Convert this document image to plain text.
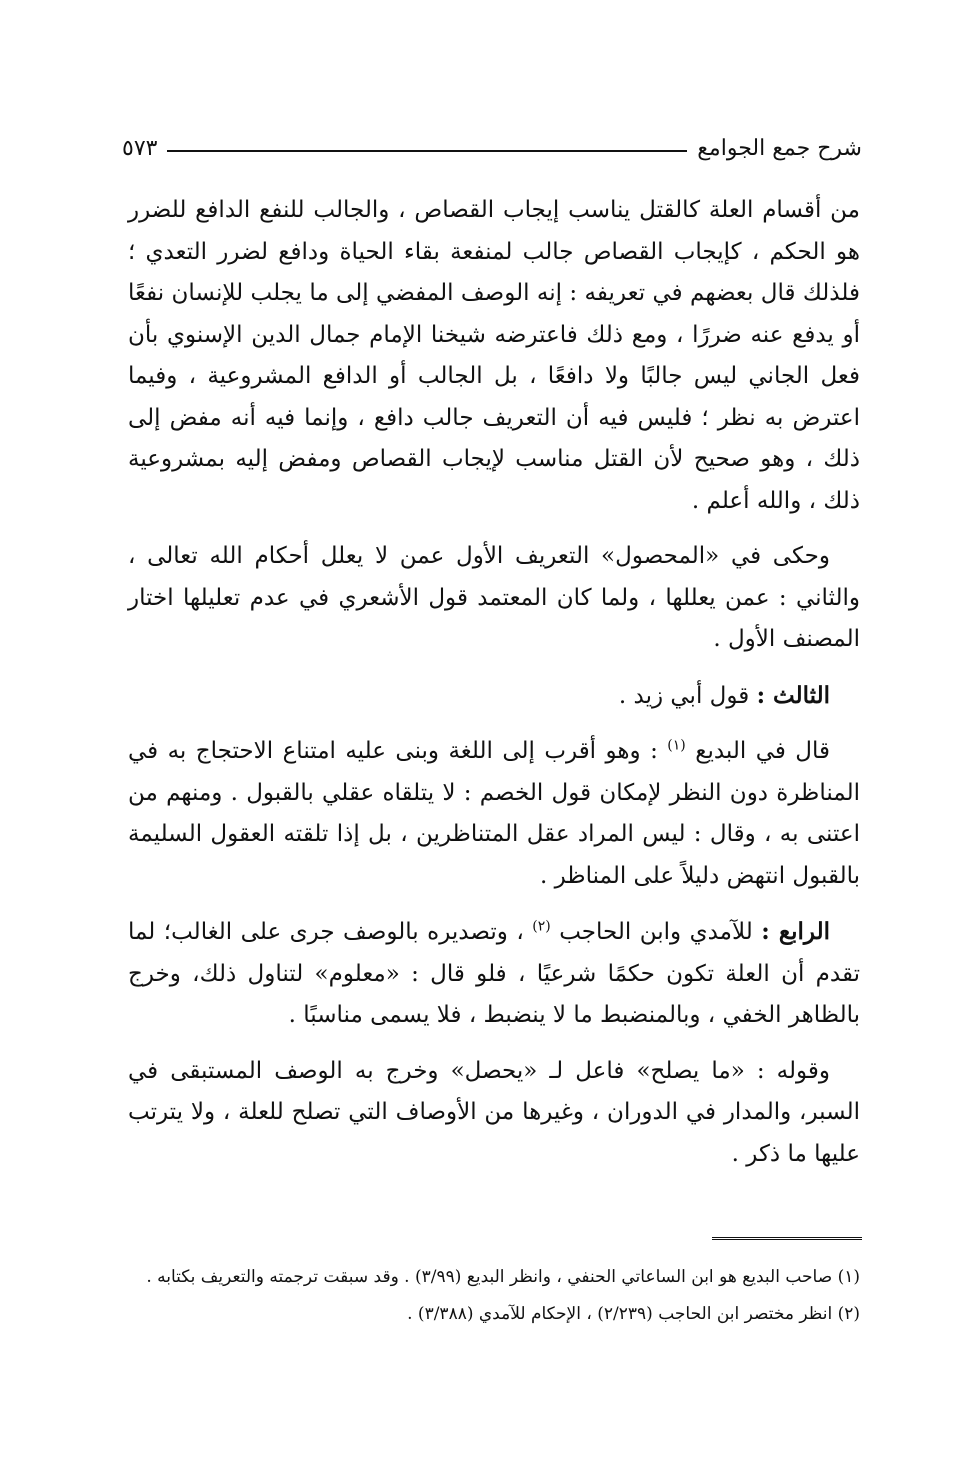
شرح جمع الجوامع
٥٧٣

من أقسام العلة كالقتل يناسب إيجاب القصاص ، والجالب للنفع الدافع للضرر هو الحكم ، كإيجاب القصاص جالب لمنفعة بقاء الحياة ودافع لضرر التعدي ؛ فلذلك قال بعضهم في تعريفه : إنه الوصف المفضي إلى ما يجلب للإنسان نفعًا أو يدفع عنه ضررًا ، ومع ذلك فاعترضه شيخنا الإمام جمال الدين الإسنوي بأن فعل الجاني ليس جالبًا ولا دافعًا ، بل الجالب أو الدافع المشروعية ، وفيما اعترض به نظر ؛ فليس فيه أن التعريف جالب دافع ، وإنما فيه أنه مفض إلى ذلك ، وهو صحيح لأن القتل مناسب لإيجاب القصاص ومفض إليه بمشروعية ذلك ، والله أعلم .

وحكى في «المحصول» التعريف الأول عمن لا يعلل أحكام الله تعالى ، والثاني : عمن يعللها ، ولما كان المعتمد قول الأشعري في عدم تعليلها اختار المصنف الأول .

الثالث : قول أبي زيد .

قال في البديع $^{(١)}$ : وهو أقرب إلى اللغة وبنى عليه امتناع الاحتجاج به في المناظرة دون النظر لإمكان قول الخصم : لا يتلقاه عقلي بالقبول . ومنهم من اعتنى به ، وقال : ليس المراد عقل المتناظرين ، بل إذا تلقته العقول السليمة بالقبول انتهض دليلاً على المناظر .

الرابع : للآمدي وابن الحاجب $^{(٢)}$ ، وتصديره بالوصف جرى على الغالب؛ لما تقدم أن العلة تكون حكمًا شرعيًا ، فلو قال : «معلوم» لتناول ذلك، وخرج بالظاهر الخفي ، وبالمنضبط ما لا ينضبط ، فلا يسمى مناسبًا .

وقوله : «ما يصلح» فاعل لـ «يحصل» وخرج به الوصف المستبقى في السبر، والمدار في الدوران ، وغيرها من الأوصاف التي تصلح للعلة ، ولا يترتب عليها ما ذكر .

(١) صاحب البديع هو ابن الساعاتي الحنفي ، وانظر البديع (٣/٩٩) . وقد سبقت ترجمته والتعريف بكتابه .

(٢) انظر مختصر ابن الحاجب (٢/٢٣٩) ، الإحكام للآمدي (٣/٣٨٨) .
